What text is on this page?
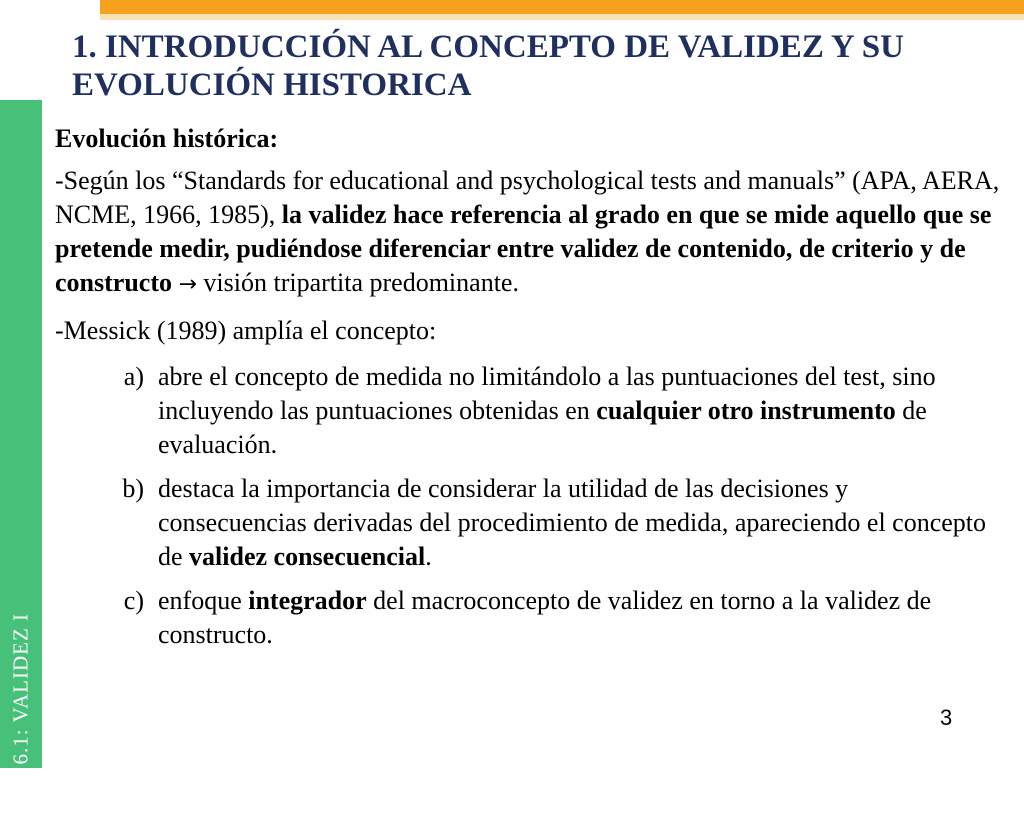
TEMA 6.1: VALIDEZ I
1. INTRODUCCIÓN AL CONCEPTO DE VALIDEZ Y SU EVOLUCIÓN HISTORICA
Evolución histórica:
-Según los “Standards for educational and psychological tests and manuals” (APA, AERA, NCME, 1966, 1985), la validez hace referencia al grado en que se mide aquello que se pretende medir, pudiéndose diferenciar entre validez de contenido, de criterio y de constructo → visión tripartita predominante.
-Messick (1989) amplía el concepto:
a) abre el concepto de medida no limitándolo a las puntuaciones del test, sino incluyendo las puntuaciones obtenidas en cualquier otro instrumento de evaluación.
b) destaca la importancia de considerar la utilidad de las decisiones y consecuencias derivadas del procedimiento de medida, apareciendo el concepto de validez consecuencial.
c) enfoque integrador del macroconcepto de validez en torno a la validez de constructo.
3
